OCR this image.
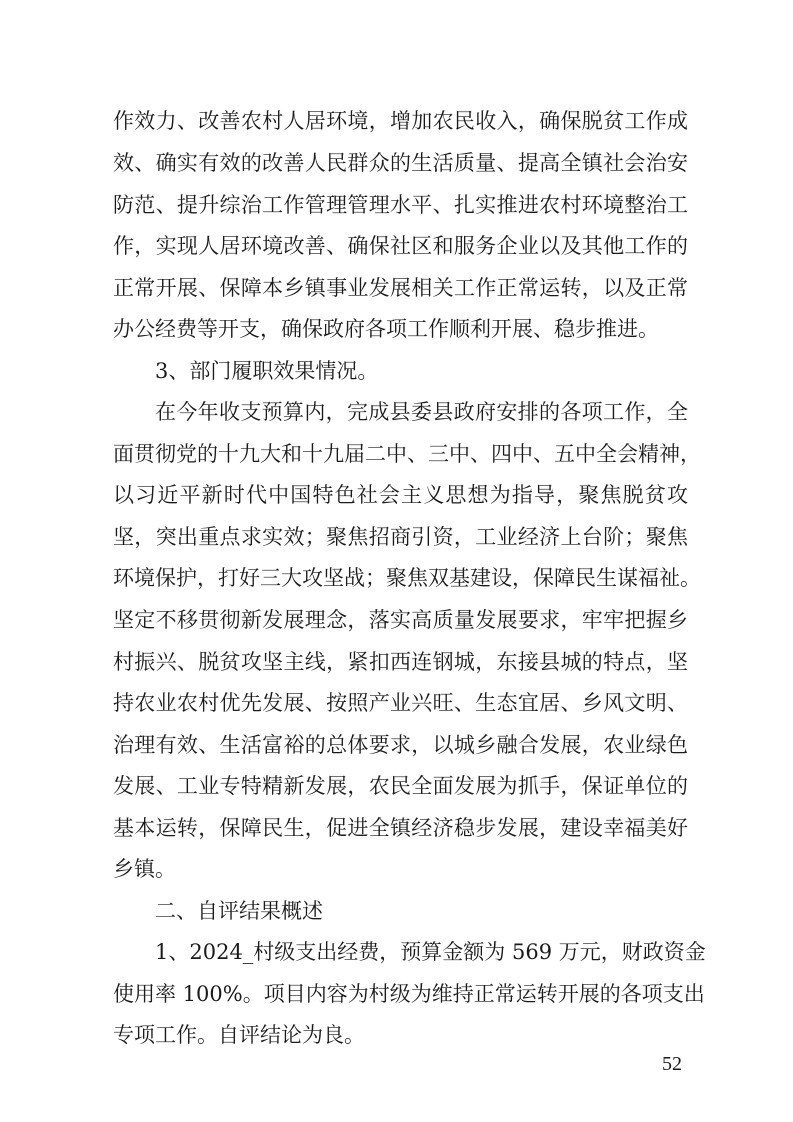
作效力、改善农村人居环境，增加农民收入，确保脱贫工作成
效、确实有效的改善人民群众的生活质量、提高全镇社会治安
防范、提升综治工作管理管理水平、扎实推进农村环境整治工
作，实现人居环境改善、确保社区和服务企业以及其他工作的
正常开展、保障本乡镇事业发展相关工作正常运转，以及正常
办公经费等开支，确保政府各项工作顺利开展、稳步推进。
3、部门履职效果情况。
在今年收支预算内，完成县委县政府安排的各项工作，全
面贯彻党的十九大和十九届二中、三中、四中、五中全会精神，
以习近平新时代中国特色社会主义思想为指导，聚焦脱贫攻
坚，突出重点求实效；聚焦招商引资，工业经济上台阶；聚焦
环境保护，打好三大攻坚战；聚焦双基建设，保障民生谋福祉。
坚定不移贯彻新发展理念，落实高质量发展要求，牢牢把握乡
村振兴、脱贫攻坚主线，紧扣西连钢城，东接县城的特点，坚
持农业农村优先发展、按照产业兴旺、生态宜居、乡风文明、
治理有效、生活富裕的总体要求，以城乡融合发展，农业绿色
发展、工业专特精新发展，农民全面发展为抓手，保证单位的
基本运转，保障民生，促进全镇经济稳步发展，建设幸福美好
乡镇。
二、自评结果概述
1、2024_村级支出经费，预算金额为 569 万元，财政资金
使用率 100%。项目内容为村级为维持正常运转开展的各项支出
专项工作。自评结论为良。
52
